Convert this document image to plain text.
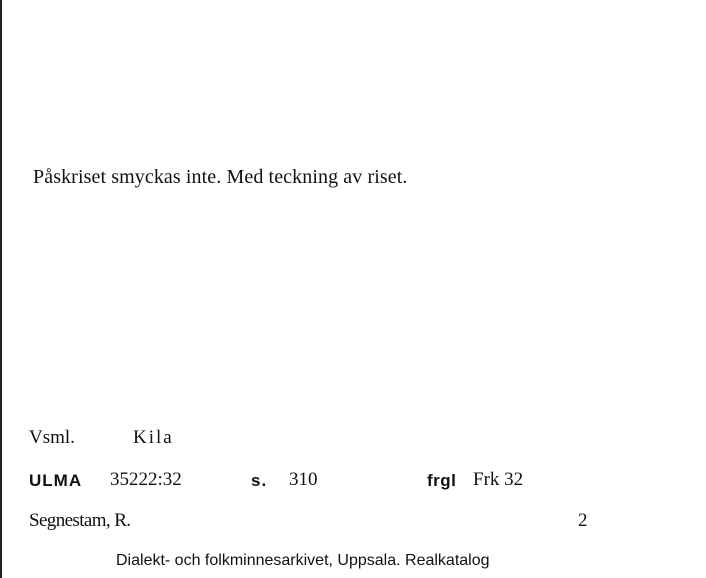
Påskriset smyckas inte. Med teckning av riset.
Vsml.	Kila
ULMA 35222:32	s. 310	frgl Frk 32
Segnestam, R.	2
Dialekt- och folkminnesarkivet, Uppsala. Realkatalog
